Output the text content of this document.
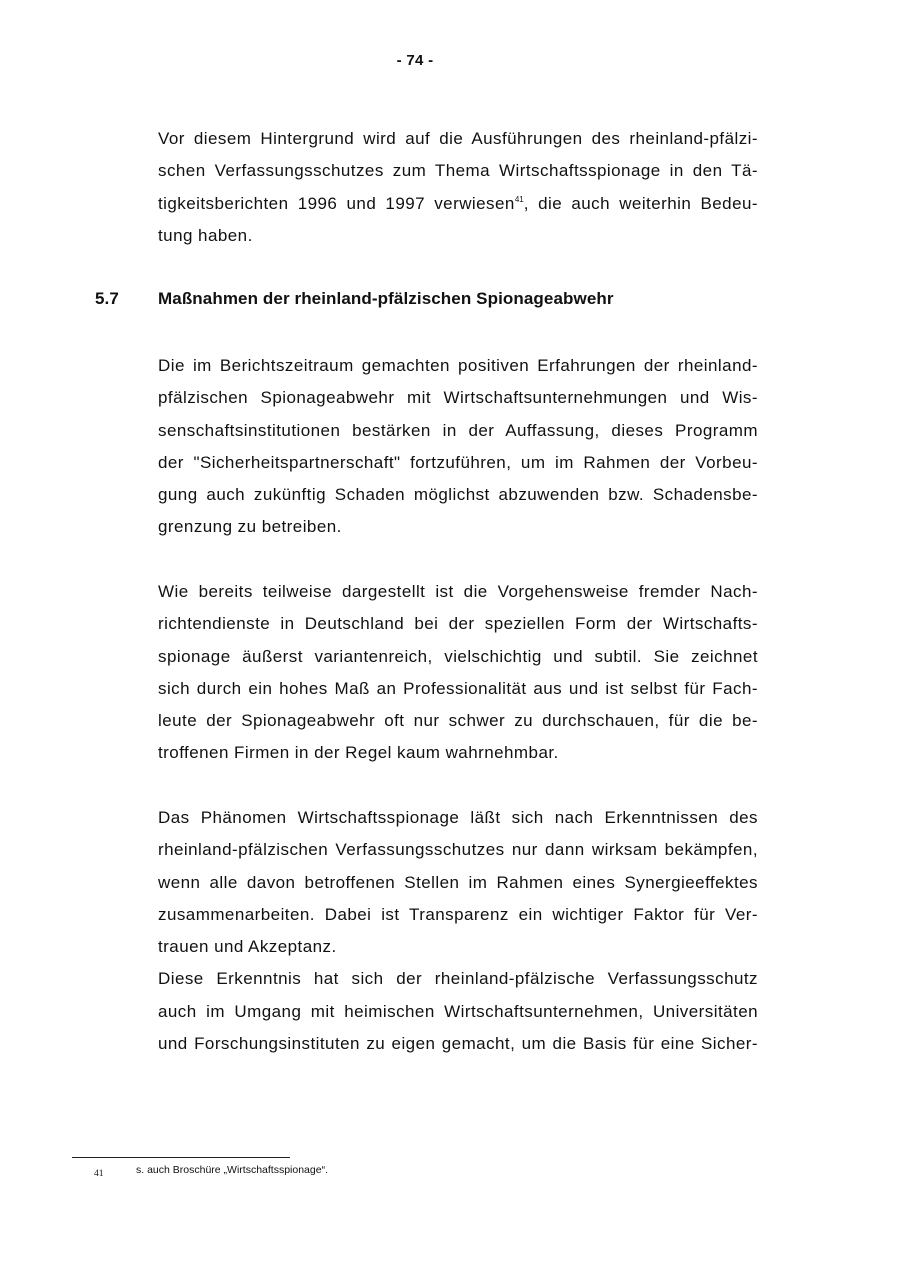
- 74 -

Vor diesem Hintergrund wird auf die Ausführungen des rheinland-pfälzi-
schen Verfassungsschutzes zum Thema Wirtschaftsspionage in den Tä-
tigkeitsberichten 1996 und 1997 verwiesen$^{41}$, die auch weiterhin Bedeu-
tung haben.

5.7 Maßnahmen der rheinland-pfälzischen Spionageabwehr

Die im Berichtszeitraum gemachten positiven Erfahrungen der rheinland-
pfälzischen Spionageabwehr mit Wirtschaftsunternehmungen und Wis-
senschaftsinstitutionen bestärken in der Auffassung, dieses Programm
der "Sicherheitspartnerschaft" fortzuführen, um im Rahmen der Vorbeu-
gung auch zukünftig Schaden möglichst abzuwenden bzw. Schadensbe-
grenzung zu betreiben.

Wie bereits teilweise dargestellt ist die Vorgehensweise fremder Nach-
richtendienste in Deutschland bei der speziellen Form der Wirtschafts-
spionage äußerst variantenreich, vielschichtig und subtil. Sie zeichnet
sich durch ein hohes Maß an Professionalität aus und ist selbst für Fach-
leute der Spionageabwehr oft nur schwer zu durchschauen, für die be-
troffenen Firmen in der Regel kaum wahrnehmbar.

Das Phänomen Wirtschaftsspionage läßt sich nach Erkenntnissen des
rheinland-pfälzischen Verfassungsschutzes nur dann wirksam bekämpfen,
wenn alle davon betroffenen Stellen im Rahmen eines Synergieeffektes
zusammenarbeiten. Dabei ist Transparenz ein wichtiger Faktor für Ver-
trauen und Akzeptanz.
Diese Erkenntnis hat sich der rheinland-pfälzische Verfassungsschutz
auch im Umgang mit heimischen Wirtschaftsunternehmen, Universitäten
und Forschungsinstituten zu eigen gemacht, um die Basis für eine Sicher-

41	s. auch Broschüre „Wirtschaftsspionage“.
